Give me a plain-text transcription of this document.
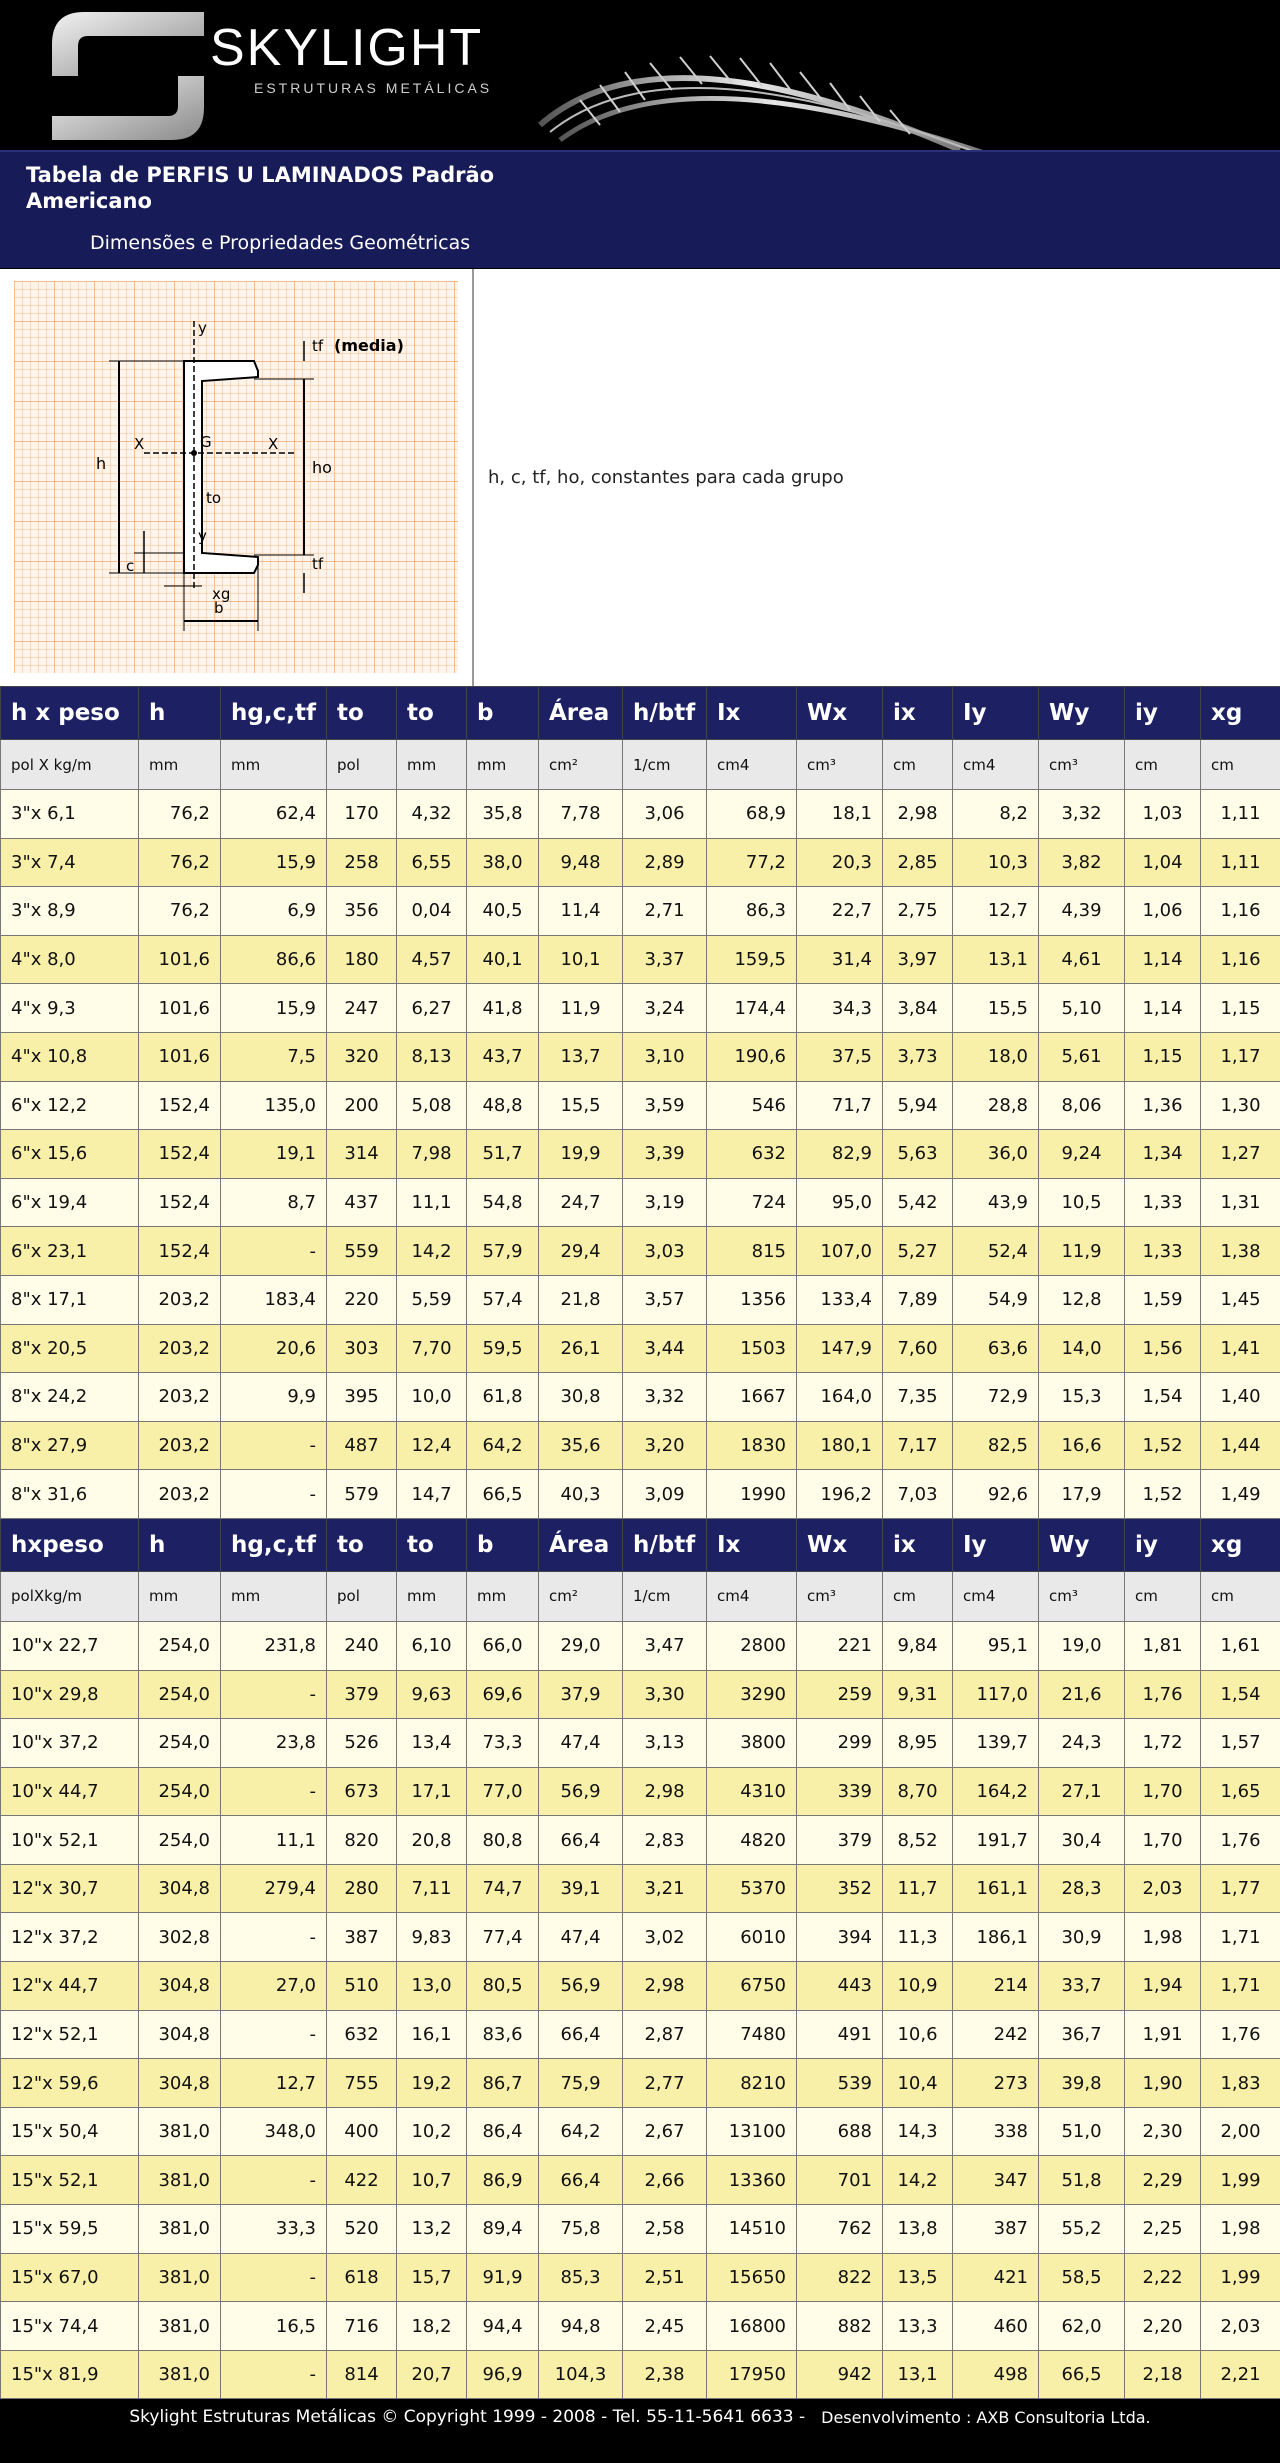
SKYLIGHT
ESTRUTURAS METÁLICAS
Tabela de PERFIS U LAMINADOS Padrão Americano
Dimensões e Propriedades Geométricas
y
tf (media)
h
X	G	X
ho
to
c
y
tf
xg
b
h, c, tf, ho, constantes para cada grupo
h x peso	h	hg,c,tf	to	to	b	Área	h/btf	Ix	Wx	ix	Iy	Wy	iy	xg
pol X kg/m	mm	mm	pol	mm	mm	cm²	1/cm	cm4	cm³	cm	cm4	cm³	cm	cm
3"x 6,1	76,2	62,4	170	4,32	35,8	7,78	3,06	68,9	18,1	2,98	8,2	3,32	1,03	1,11
3"x 7,4	76,2	15,9	258	6,55	38,0	9,48	2,89	77,2	20,3	2,85	10,3	3,82	1,04	1,11
3"x 8,9	76,2	6,9	356	0,04	40,5	11,4	2,71	86,3	22,7	2,75	12,7	4,39	1,06	1,16
4"x 8,0	101,6	86,6	180	4,57	40,1	10,1	3,37	159,5	31,4	3,97	13,1	4,61	1,14	1,16
4"x 9,3	101,6	15,9	247	6,27	41,8	11,9	3,24	174,4	34,3	3,84	15,5	5,10	1,14	1,15
4"x 10,8	101,6	7,5	320	8,13	43,7	13,7	3,10	190,6	37,5	3,73	18,0	5,61	1,15	1,17
6"x 12,2	152,4	135,0	200	5,08	48,8	15,5	3,59	546	71,7	5,94	28,8	8,06	1,36	1,30
6"x 15,6	152,4	19,1	314	7,98	51,7	19,9	3,39	632	82,9	5,63	36,0	9,24	1,34	1,27
6"x 19,4	152,4	8,7	437	11,1	54,8	24,7	3,19	724	95,0	5,42	43,9	10,5	1,33	1,31
6"x 23,1	152,4	-	559	14,2	57,9	29,4	3,03	815	107,0	5,27	52,4	11,9	1,33	1,38
8"x 17,1	203,2	183,4	220	5,59	57,4	21,8	3,57	1356	133,4	7,89	54,9	12,8	1,59	1,45
8"x 20,5	203,2	20,6	303	7,70	59,5	26,1	3,44	1503	147,9	7,60	63,6	14,0	1,56	1,41
8"x 24,2	203,2	9,9	395	10,0	61,8	30,8	3,32	1667	164,0	7,35	72,9	15,3	1,54	1,40
8"x 27,9	203,2	-	487	12,4	64,2	35,6	3,20	1830	180,1	7,17	82,5	16,6	1,52	1,44
8"x 31,6	203,2	-	579	14,7	66,5	40,3	3,09	1990	196,2	7,03	92,6	17,9	1,52	1,49
hxpeso	h	hg,c,tf	to	to	b	Área	h/btf	Ix	Wx	ix	Iy	Wy	iy	xg
polXkg/m	mm	mm	pol	mm	mm	cm²	1/cm	cm4	cm³	cm	cm4	cm³	cm	cm
10"x 22,7	254,0	231,8	240	6,10	66,0	29,0	3,47	2800	221	9,84	95,1	19,0	1,81	1,61
10"x 29,8	254,0	-	379	9,63	69,6	37,9	3,30	3290	259	9,31	117,0	21,6	1,76	1,54
10"x 37,2	254,0	23,8	526	13,4	73,3	47,4	3,13	3800	299	8,95	139,7	24,3	1,72	1,57
10"x 44,7	254,0	-	673	17,1	77,0	56,9	2,98	4310	339	8,70	164,2	27,1	1,70	1,65
10"x 52,1	254,0	11,1	820	20,8	80,8	66,4	2,83	4820	379	8,52	191,7	30,4	1,70	1,76
12"x 30,7	304,8	279,4	280	7,11	74,7	39,1	3,21	5370	352	11,7	161,1	28,3	2,03	1,77
12"x 37,2	302,8	-	387	9,83	77,4	47,4	3,02	6010	394	11,3	186,1	30,9	1,98	1,71
12"x 44,7	304,8	27,0	510	13,0	80,5	56,9	2,98	6750	443	10,9	214	33,7	1,94	1,71
12"x 52,1	304,8	-	632	16,1	83,6	66,4	2,87	7480	491	10,6	242	36,7	1,91	1,76
12"x 59,6	304,8	12,7	755	19,2	86,7	75,9	2,77	8210	539	10,4	273	39,8	1,90	1,83
15"x 50,4	381,0	348,0	400	10,2	86,4	64,2	2,67	13100	688	14,3	338	51,0	2,30	2,00
15"x 52,1	381,0	-	422	10,7	86,9	66,4	2,66	13360	701	14,2	347	51,8	2,29	1,99
15"x 59,5	381,0	33,3	520	13,2	89,4	75,8	2,58	14510	762	13,8	387	55,2	2,25	1,98
15"x 67,0	381,0	-	618	15,7	91,9	85,3	2,51	15650	822	13,5	421	58,5	2,22	1,99
15"x 74,4	381,0	16,5	716	18,2	94,4	94,8	2,45	16800	882	13,3	460	62,0	2,20	2,03
15"x 81,9	381,0	-	814	20,7	96,9	104,3	2,38	17950	942	13,1	498	66,5	2,18	2,21
Skylight Estruturas Metálicas © Copyright 1999 - 2008 - Tel. 55-11-5641 6633 - Desenvolvimento : AXB Consultoria Ltda.
